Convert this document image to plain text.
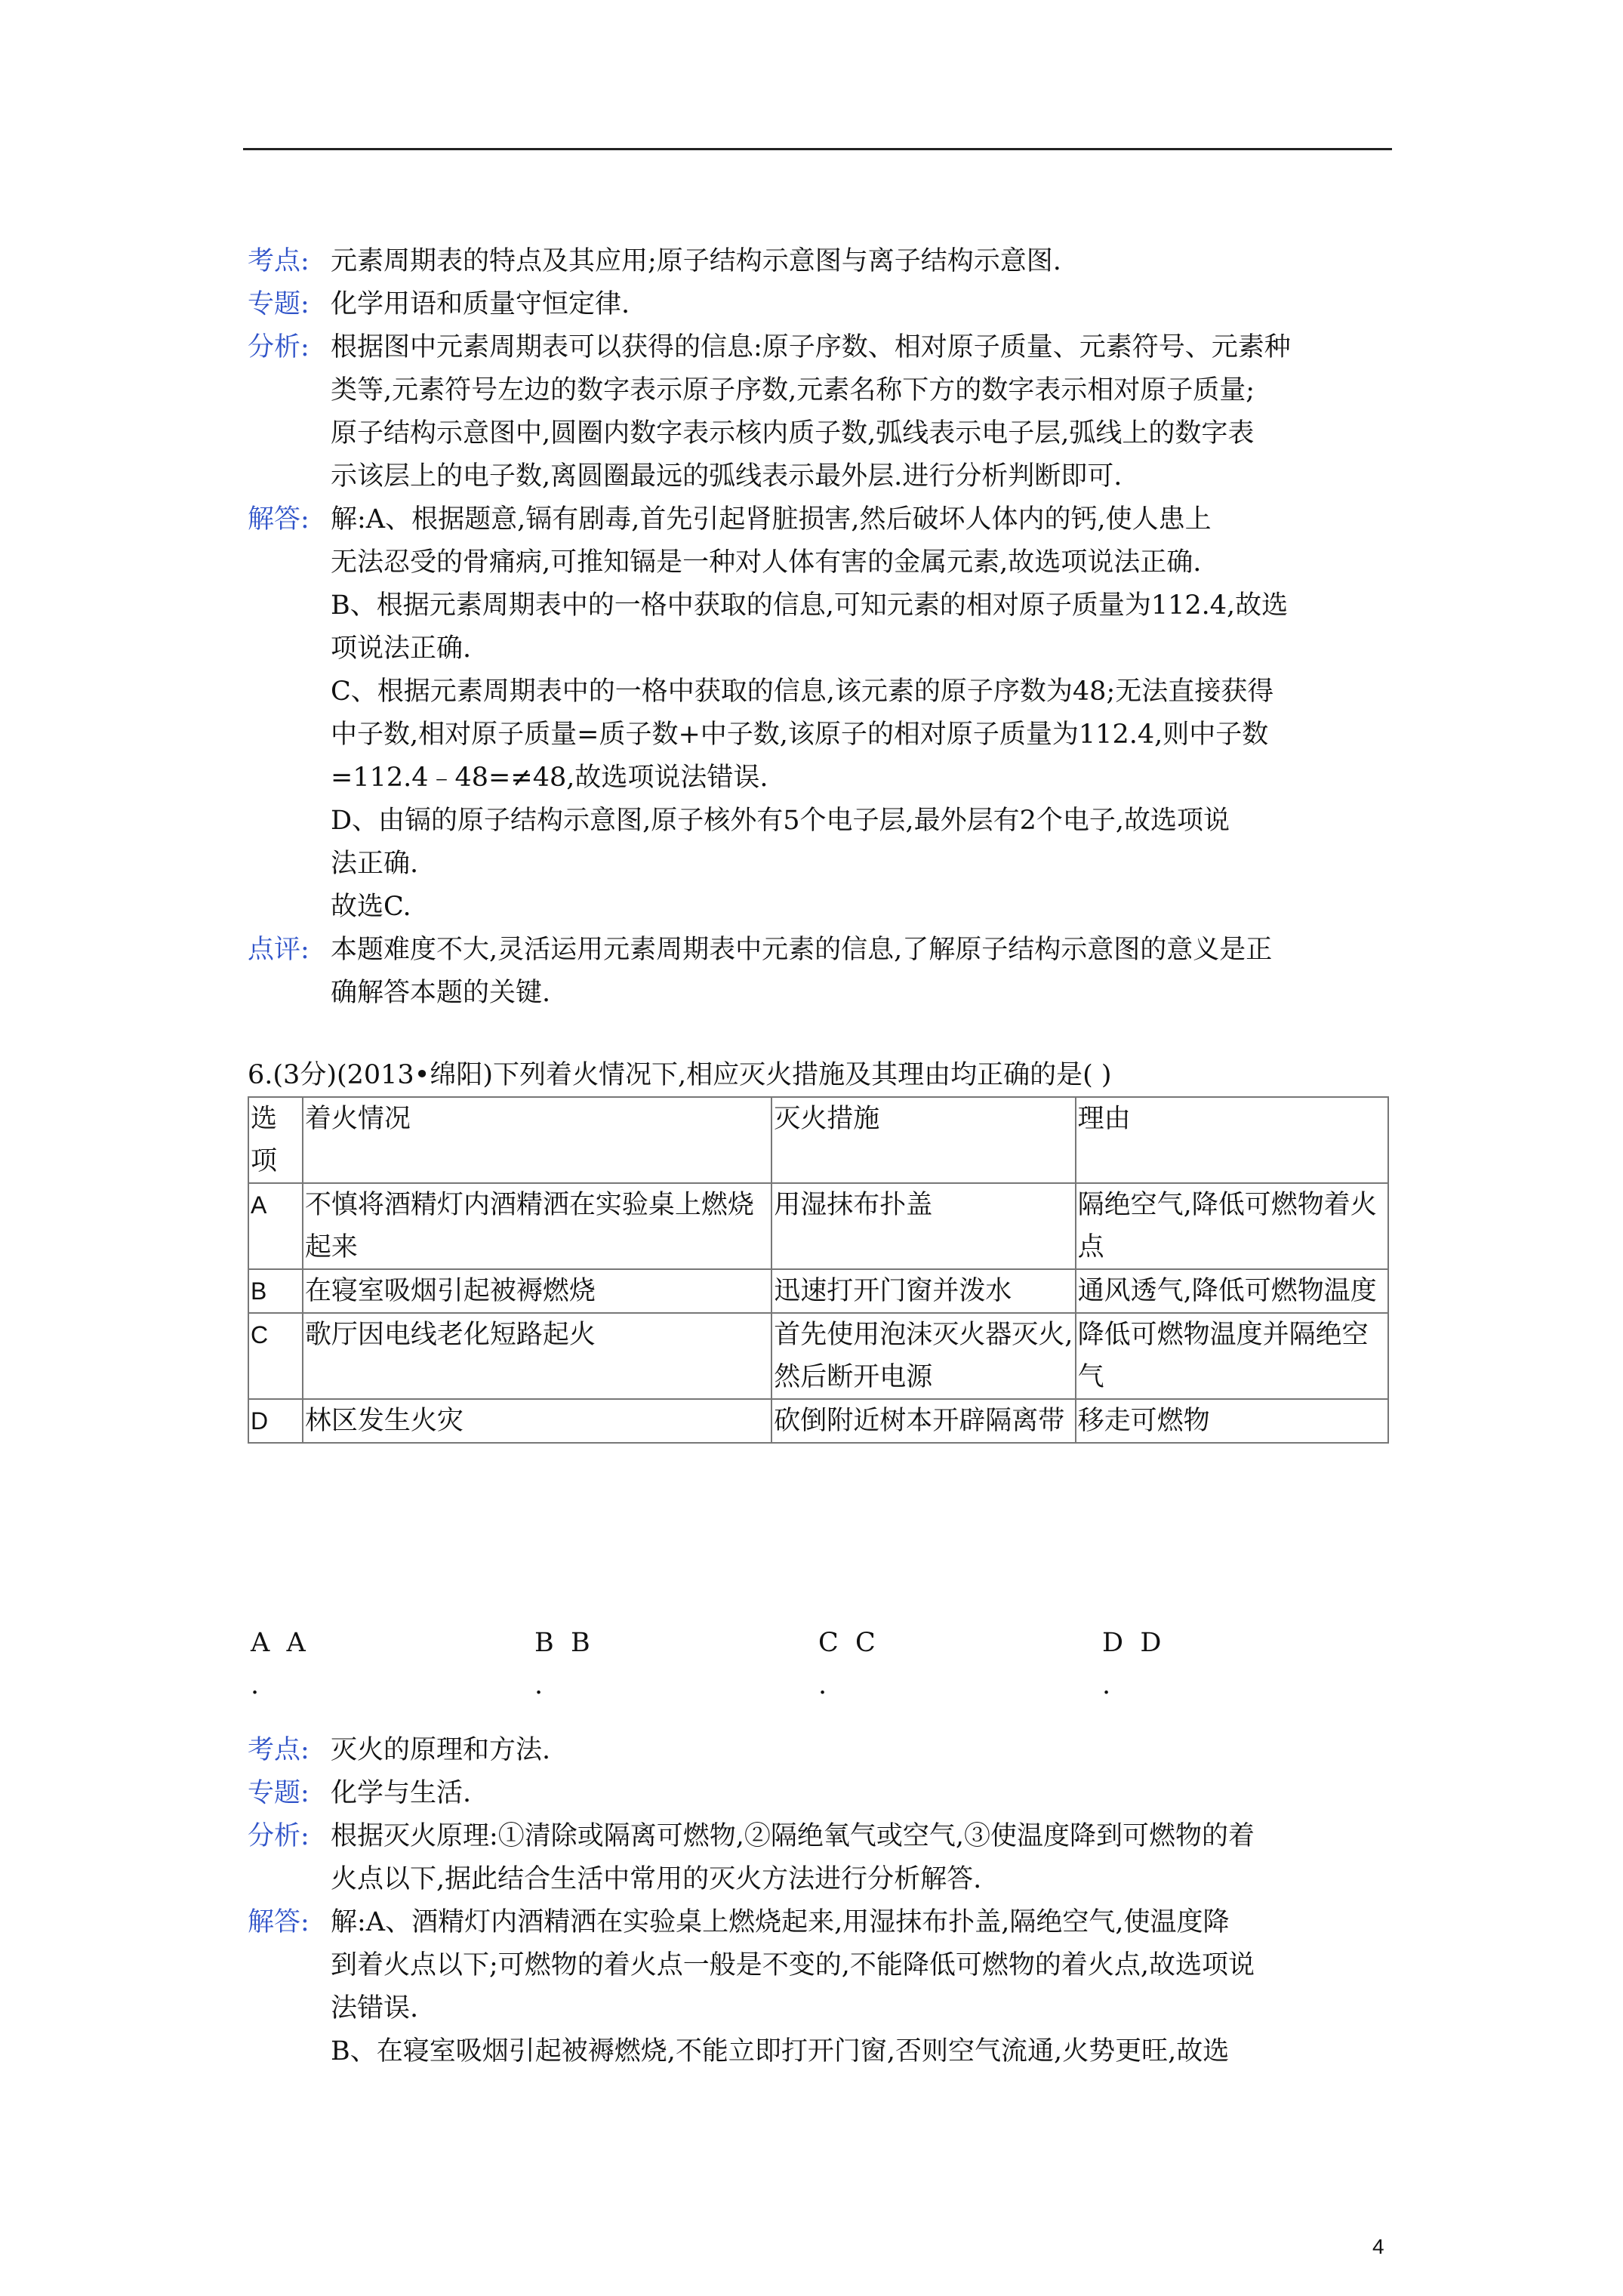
考点: 元素周期表的特点及其应用;原子结构示意图与离子结构示意图.
专题: 化学用语和质量守恒定律.
分析: 根据图中元素周期表可以获得的信息:原子序数、相对原子质量、元素符号、元素种
类等,元素符号左边的数字表示原子序数,元素名称下方的数字表示相对原子质量;
原子结构示意图中,圆圈内数字表示核内质子数,弧线表示电子层,弧线上的数字表
示该层上的电子数,离圆圈最远的弧线表示最外层.进行分析判断即可.
解答: 解:A、根据题意,镉有剧毒,首先引起肾脏损害,然后破坏人体内的钙,使人患上
无法忍受的骨痛病,可推知镉是一种对人体有害的金属元素,故选项说法正确.
B、根据元素周期表中的一格中获取的信息,可知元素的相对原子质量为112.4,故选
项说法正确.
C、根据元素周期表中的一格中获取的信息,该元素的原子序数为48;无法直接获得
中子数,相对原子质量=质子数+中子数,该原子的相对原子质量为112.4,则中子数
=112.4﹣48=≠48,故选项说法错误.
D、由镉的原子结构示意图,原子核外有5个电子层,最外层有2个电子,故选项说
法正确.
故选C.
点评: 本题难度不大,灵活运用元素周期表中元素的信息,了解原子结构示意图的意义是正
确解答本题的关键.
6.(3分)(2013•绵阳)下列着火情况下,相应灭火措施及其理由均正确的是( )
选项	着火情况	灭火措施	理由
A	不慎将酒精灯内酒精洒在实验桌上燃烧起来	用湿抹布扑盖	隔绝空气,降低可燃物着火点
B	在寝室吸烟引起被褥燃烧	迅速打开门窗并泼水	通风透气,降低可燃物温度
C	歌厅因电线老化短路起火	首先使用泡沫灭火器灭火,然后断开电源	降低可燃物温度并隔绝空气
D	林区发生火灾	砍倒附近树本开辟隔离带	移走可燃物
A A
.
B B
.
C C
.
D D
.
考点: 灭火的原理和方法.
专题: 化学与生活.
分析: 根据灭火原理:①清除或隔离可燃物,②隔绝氧气或空气,③使温度降到可燃物的着
火点以下,据此结合生活中常用的灭火方法进行分析解答.
解答: 解:A、酒精灯内酒精洒在实验桌上燃烧起来,用湿抹布扑盖,隔绝空气,使温度降
到着火点以下;可燃物的着火点一般是不变的,不能降低可燃物的着火点,故选项说
法错误.
B、在寝室吸烟引起被褥燃烧,不能立即打开门窗,否则空气流通,火势更旺,故选
4
